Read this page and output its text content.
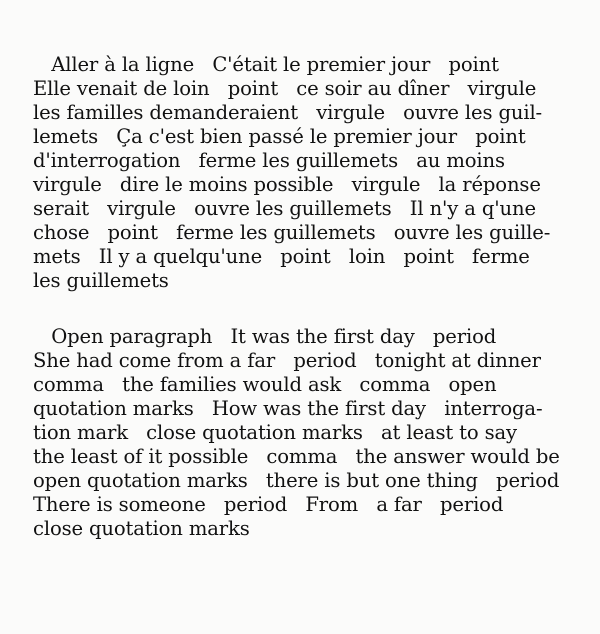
Aller à la ligne   C'était le premier jour   point
Elle venait de loin   point   ce soir au dîner   virgule
les familles demanderaient   virgule   ouvre les guil-
lemets   Ça c'est bien passé le premier jour   point
d'interrogation   ferme les guillemets   au moins
virgule   dire le moins possible   virgule   la réponse
serait   virgule   ouvre les guillemets   Il n'y a q'une
chose   point   ferme les guillemets   ouvre les guille-
mets   Il y a quelqu'une   point   loin   point   ferme
les guillemets
Open paragraph   It was the first day   period
She had come from a far   period   tonight at dinner
comma   the families would ask   comma   open
quotation marks   How was the first day   interroga-
tion mark   close quotation marks   at least to say
the least of it possible   comma   the answer would be
open quotation marks   there is but one thing   period
There is someone   period   From   a far   period
close quotation marks
